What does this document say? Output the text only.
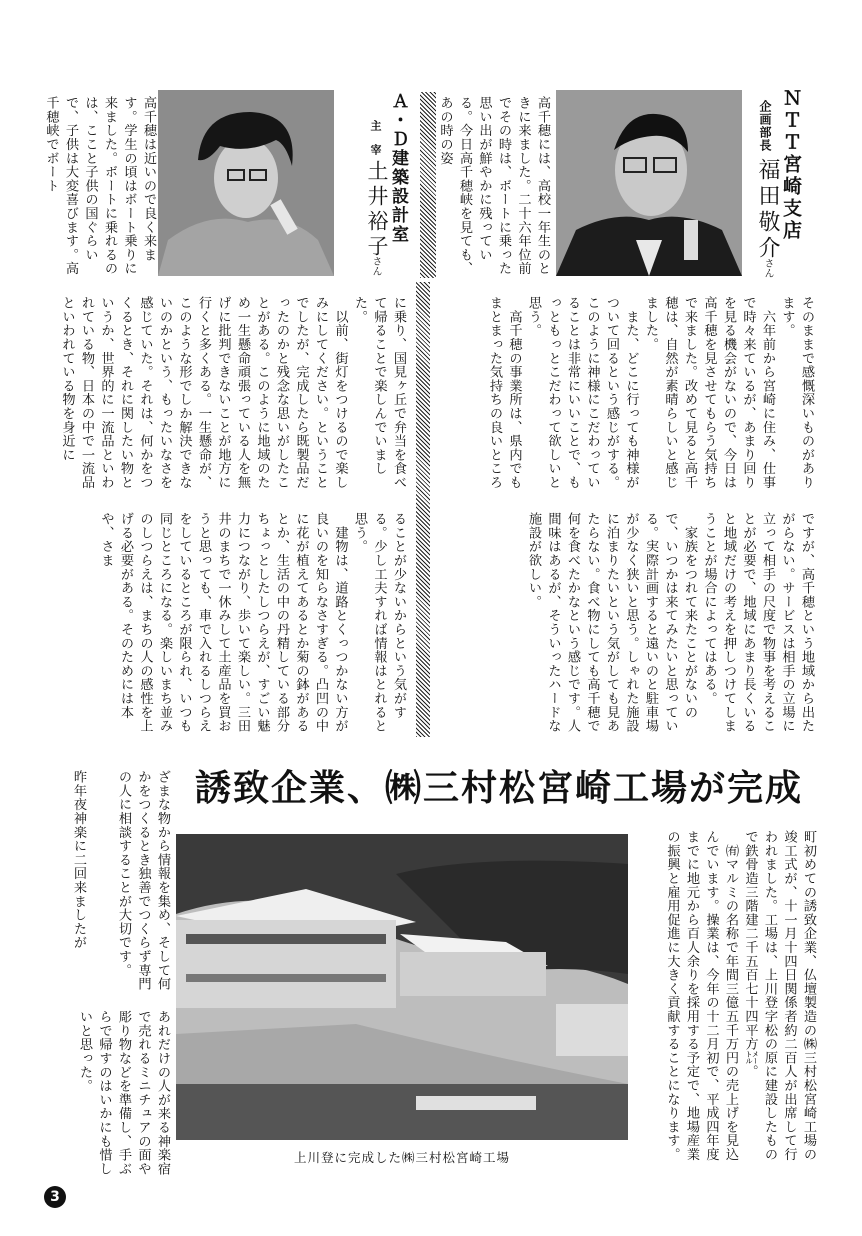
ＮＴＴ宮崎支店
企画部長
福田敬介
さん
Ａ・Ｄ建築設計室
主　宰
土井裕子
さん	高千穂には、高校一年生のときに来ました。二十六年位前でその時は、ボートに乗った思い出が鮮やかに残っている。今日高千穂峡を見ても、あの時の姿
高千穂は近いので良く来ます。学生の頃はボート乗りに来ました。ボートに乗れるのは、ここと子供の国ぐらいで、子供は大変喜びます。高千穂峡でボート
そのままで感慨深いものがあります。
　六年前から宮崎に住み、仕事で時々来ているが、あまり回りを見る機会がないので、今日は高千穂を見させてもらう気持ちで来ました。改めて見ると高千穂は、自然が素晴らしいと感じました。
　また、どこに行っても神様がついて回るという感じがする。このように神様にこだわっていることは非常にいいことで、もっともっとこだわって欲しいと思う。
　高千穂の事業所は、県内でもまとまった気持ちの良いところ
に乗り、国見ヶ丘で弁当を食べて帰ることで楽しんでいました。
　以前、街灯をつけるので楽しみにしてください。ということでしたが、完成したら既製品だったのかと残念な思いがしたことがある。このように地域のため一生懸命頑張っている人を無げに批判できないことが地方に行くと多くある。一生懸命が、このような形でしか解決できないのかという、もったいなさを感じていた。それは、何かをつくるとき、それに関したい物というか、世界的に一流品といわれている物、日本の中で一流品といわれている物を身近に
ですが、高千穂という地域から出たがらない。サービスは相手の立場に立って相手の尺度で物事を考えることが必要で、地域にあまり長くいると地域だけの考えを押しつけてしまうことが場合によってはある。
　家族をつれて来たことがないので、いつかは来てみたいと思っている。実際計画すると遠いのと駐車場が少なく狭いと思う。しゃれた施設に泊まりたいという気がしても見あたらない。食べ物にしても高千穂で何を食べたかなという感じです。人間味はあるが、そういったハードな施設が欲しい。
ることが少ないからという気がする。少し工夫すれば情報はとれると思う。
　建物は、道路とくっつかない方が良いのを知らなさすぎる。凸凹の中に花が植えてあるとか菊の鉢があるとか、生活の中の丹精している部分ちょっとしたしつらえが、すごい魅力につながり、歩いて楽しい。三田井のまちで一休みして土産品を買おうと思っても、車で入れるしつらえをしているところが限られ、いつも同じところになる。楽しいまち並みのしつらえは、まちの人の感性を上げる必要がある。そのためには本や、さま
誘致企業、㈱三村松宮崎工場が完成
ざまな物から情報を集め、そして何かをつくるとき独善でつくらず専門の人に相談することが大切です。
昨年夜神楽に二回来ましたが
あれだけの人が来る神楽宿で売れるミニチュアの面や彫り物などを準備し、手ぶらで帰すのはいかにも惜しいと思った。
上川登に完成した㈱三村松宮崎工場	町初めての誘致企業、仏壇製造の㈱三村松宮崎工場の竣工式が、十一月十四日関係者約二百人が出席して行われました。工場は、上川登字松の原に建設したもので鉄骨造三階建二千五百七十四平方㍍。
　㈲マルミの名称で年間三億五千万円の売上げを見込んでいます。操業は、今年の十二月初で、平成四年度までに地元から百人余りを採用する予定で、地場産業の振興と雇用促進に大きく貢献することになります。
3
